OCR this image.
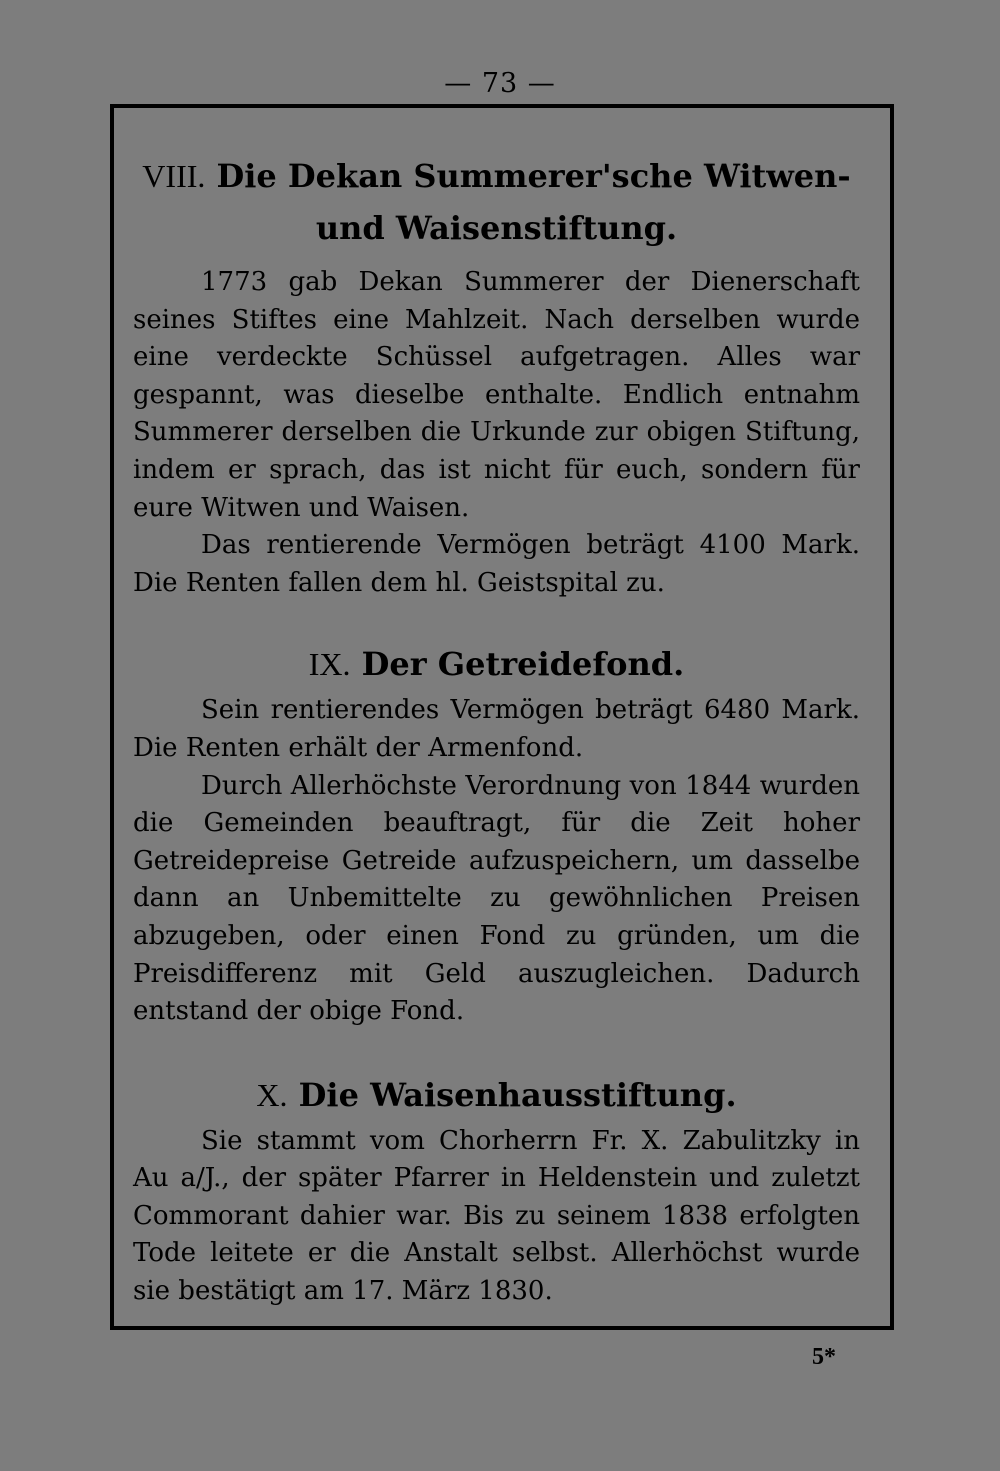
— 73 —
VIII. Die Dekan Summerer'sche Witwen- und Waisenstiftung.

1773 gab Dekan Summerer der Dienerschaft seines Stiftes eine Mahlzeit. Nach derselben wurde eine verdeckte Schüssel aufgetragen. Alles war gespannt, was dieselbe enthalte. Endlich entnahm Summerer derselben die Urkunde zur obigen Stiftung, indem er sprach, das ist nicht für euch, sondern für eure Witwen und Waisen.

Das rentierende Vermögen beträgt 4100 Mark. Die Renten fallen dem hl. Geistspital zu.

IX. Der Getreidefond.

Sein rentierendes Vermögen beträgt 6480 Mark. Die Renten erhält der Armenfond.

Durch Allerhöchste Verordnung von 1844 wurden die Gemeinden beauftragt, für die Zeit hoher Getreidepreise Getreide aufzuspeichern, um dasselbe dann an Unbemittelte zu gewöhnlichen Preisen abzugeben, oder einen Fond zu gründen, um die Preisdifferenz mit Geld auszugleichen. Dadurch entstand der obige Fond.

X. Die Waisenhausstiftung.

Sie stammt vom Chorherrn Fr. X. Zabulitzky in Au a/J., der später Pfarrer in Heldenstein und zuletzt Commorant dahier war. Bis zu seinem 1838 erfolgten Tode leitete er die Anstalt selbst. Allerhöchst wurde sie bestätigt am 17. März 1830.

5*
